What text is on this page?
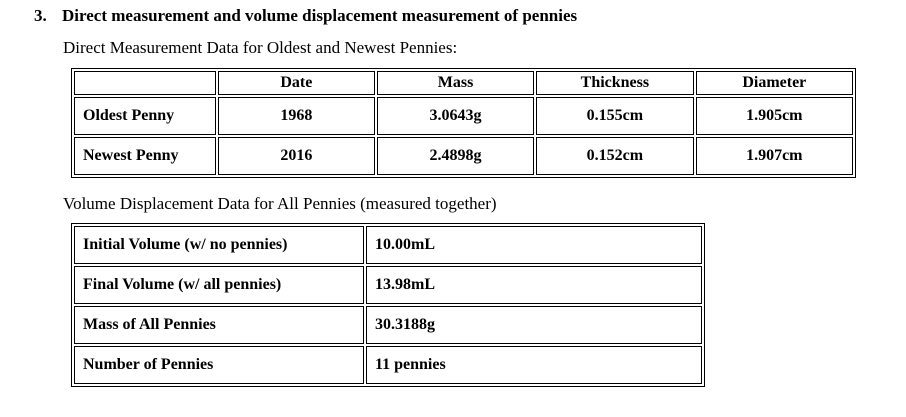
3. Direct measurement and volume displacement measurement of pennies
Direct Measurement Data for Oldest and Newest Pennies:
	Date	Mass	Thickness	Diameter
Oldest Penny	1968	3.0643g	0.155cm	1.905cm
Newest Penny	2016	2.4898g	0.152cm	1.907cm
Volume Displacement Data for All Pennies (measured together)
Initial Volume (w/ no pennies)	10.00mL
Final Volume (w/ all pennies)	13.98mL
Mass of All Pennies	30.3188g
Number of Pennies	11 pennies
